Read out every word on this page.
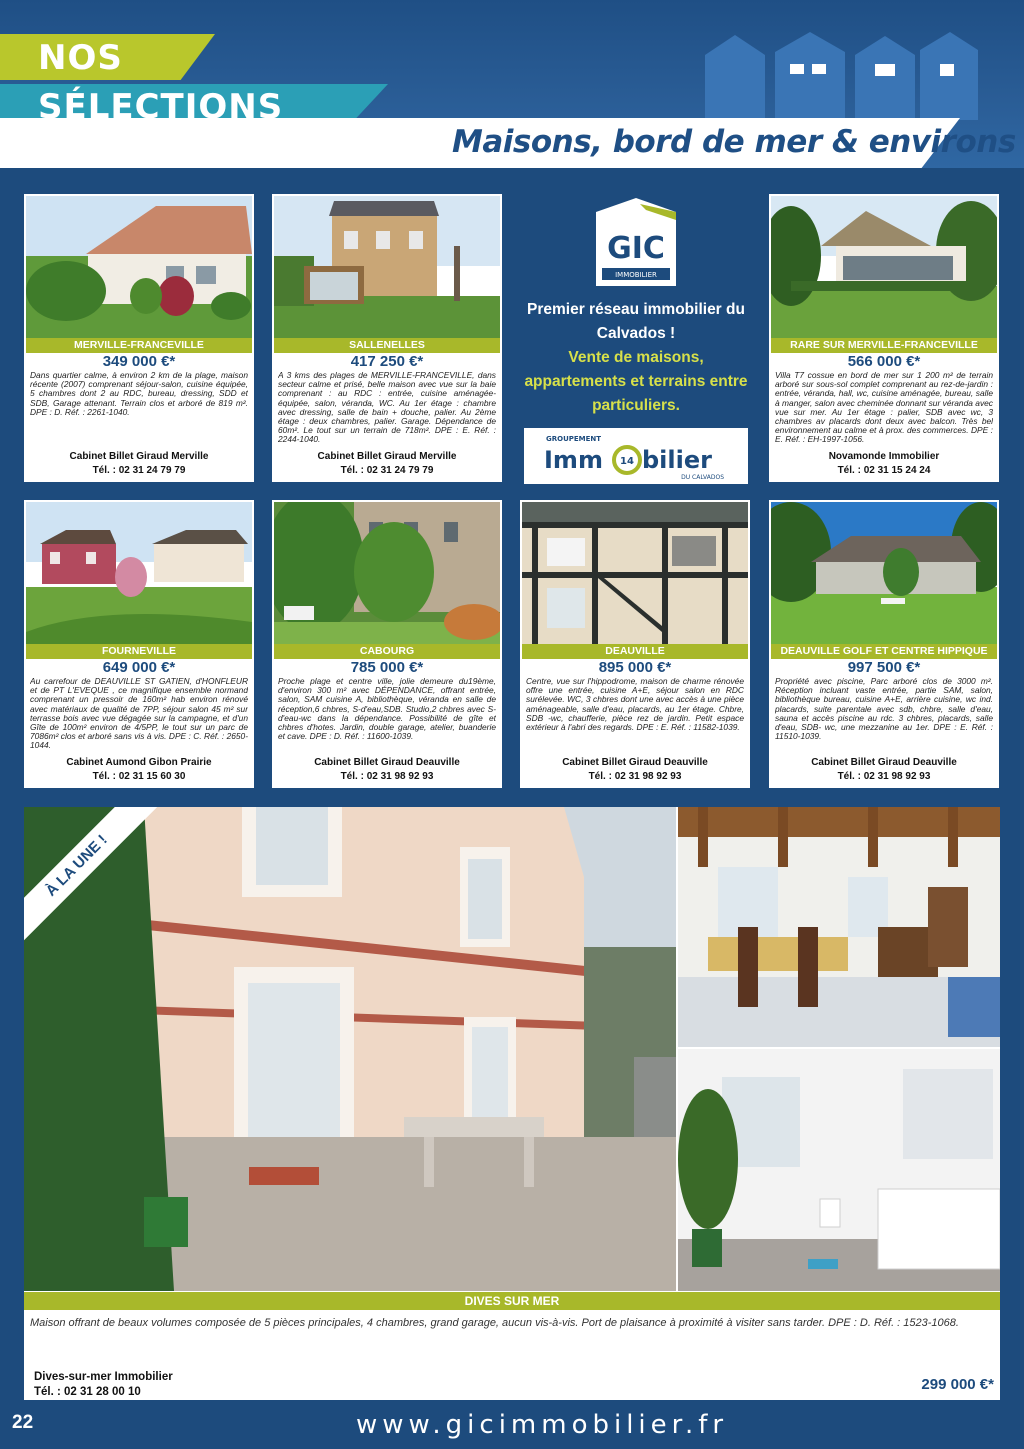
NOS
SÉLECTIONS
Maisons, bord de mer & environs
MERVILLE-FRANCEVILLE
349 000 €*
Dans quartier calme, à environ 2 km de la plage, maison récente (2007) comprenant séjour-salon, cuisine équipée, 5 chambres dont 2 au RDC, bureau, dressing, SDD et SDB, Garage attenant. Terrain clos et arboré de 819 m². DPE : D. Réf. : 2261-1040.
Cabinet Billet Giraud Merville
Tél. : 02 31 24 79 79
SALLENELLES
417 250 €*
A 3 kms des plages de MERVILLE-FRANCEVILLE, dans secteur calme et prisé, belle maison avec vue sur la baie comprenant : au RDC : entrée, cuisine aménagée-équipée, salon, véranda, WC. Au 1er étage : chambre avec dressing, salle de bain + douche, palier. Au 2ème étage : deux chambres, palier. Garage. Dépendance de 60m². Le tout sur un terrain de 718m². DPE : E. Réf. : 2244-1040.
Cabinet Billet Giraud Merville
Tél. : 02 31 24 79 79
GIC
IMMOBILIER
Premier réseau immobilier du Calvados !
Vente de maisons, appartements et terrains entre particuliers.
GROUPEMENT
Imm 14 bilier
DU CALVADOS
RARE SUR MERVILLE-FRANCEVILLE
566 000 €*
Villa T7 cossue en bord de mer sur 1 200 m² de terrain arboré sur sous-sol complet comprenant au rez-de-jardin : entrée, véranda, hall, wc, cuisine aménagée, bureau, salle à manger, salon avec cheminée donnant sur véranda avec vue sur mer. Au 1er étage : palier, SDB avec wc, 3 chambres av placards dont deux avec balcon. Très bel environnement au calme et à prox. des commerces. DPE : E. Réf. : EH-1997-1056.
Novamonde Immobilier
Tél. : 02 31 15 24 24
FOURNEVILLE
649 000 €*
Au carrefour de DEAUVILLE ST GATIEN, d'HONFLEUR et de PT L'EVEQUE , ce magnifique ensemble normand comprenant un pressoir de 160m² hab environ rénové avec matériaux de qualité de 7PP, séjour salon 45 m² sur terrasse bois avec vue dégagée sur la campagne, et d'un Gîte de 100m² environ de 4/5PP, le tout sur un parc de 7086m² clos et arboré sans vis à vis. DPE : C. Réf. : 2650-1044.
Cabinet Aumond Gibon Prairie
Tél. : 02 31 15 60 30
CABOURG
785 000 €*
Proche plage et centre ville, jolie demeure du19ème, d'environ 300 m² avec DÉPENDANCE, offrant entrée, salon, SAM cuisine A, bibliothèque, véranda en salle de réception,6 chbres, S-d'eau,SDB. Studio,2 chbres avec S- d'eau-wc dans la dépendance. Possibilité de gîte et chbres d'hotes. Jardin, double garage, atelier, buanderie et cave. DPE : D. Réf. : 11600-1039.
Cabinet Billet Giraud Deauville
Tél. : 02 31 98 92 93
DEAUVILLE
895 000 €*
Centre, vue sur l'hippodrome, maison de charme rénovée offre une entrée, cuisine A+E, séjour salon en RDC surélevée. WC, 3 chbres dont une avec accès à une pièce aménageable, salle d'eau, placards, au 1er étage. Chbre, SDB -wc, chaufferie, pièce rez de jardin. Petit espace extérieur à l'abri des regards. DPE : E. Réf. : 11582-1039.
Cabinet Billet Giraud Deauville
Tél. : 02 31 98 92 93
DEAUVILLE GOLF ET CENTRE HIPPIQUE
997 500 €*
Propriété avec piscine, Parc arboré clos de 3000 m². Réception incluant vaste entrée, partie SAM, salon, bibliothèque bureau, cuisine A+E, arrière cuisine, wc ind. placards, suite parentale avec sdb, chbre, salle d'eau, sauna et accès piscine au rdc. 3 chbres, placards, salle d'eau, SDB- wc, une mezzanine au 1er. DPE : E. Réf. : 11510-1039.
Cabinet Billet Giraud Deauville
Tél. : 02 31 98 92 93
À LA UNE !
DIVES SUR MER
Maison offrant de beaux volumes composée de 5 pièces principales, 4 chambres, grand garage, aucun vis-à-vis. Port de plaisance à proximité à visiter sans tarder. DPE : D. Réf. : 1523-1068.
Dives-sur-mer Immobilier
Tél. : 02 31 28 00 10	299 000 €*
22	www.gicimmobilier.fr
